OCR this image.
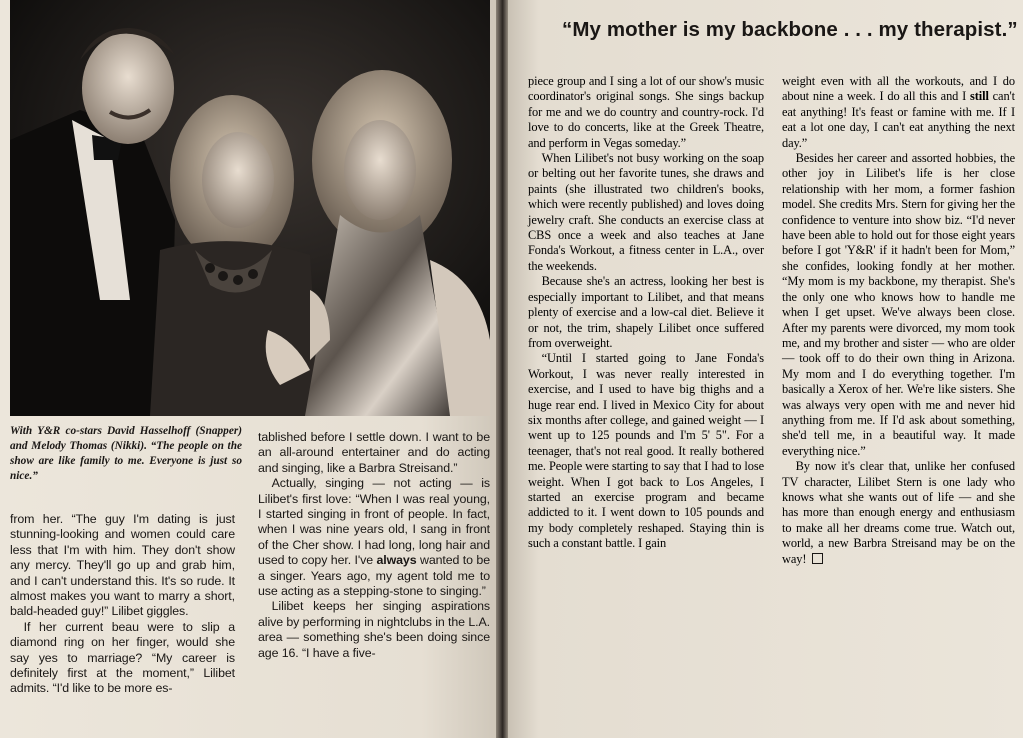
With Y&R co-stars David Hasselhoff (Snapper) and Melody Thomas (Nikki). “The people on the show are like family to me. Everyone is just so nice.”

from her. “The guy I'm dating is just stunning-looking and women could care less that I'm with him. They don't show any mercy. They'll go up and grab him, and I can't understand this. It's so rude. It almost makes you want to marry a short, bald-headed guy!” Lilibet giggles.

If her current beau were to slip a diamond ring on her finger, would she say yes to marriage? “My career is definitely first at the moment,” Lilibet admits. “I'd like to be more es-

tablished before I settle down. I want to be an all-around entertainer and do acting and singing, like a Barbra Streisand.”

Actually, singing — not acting — is Lilibet's first love: “When I was real young, I started singing in front of people. In fact, when I was nine years old, I sang in front of the Cher show. I had long, long hair and used to copy her. I've always wanted to be a singer. Years ago, my agent told me to use acting as a stepping-stone to singing.”

Lilibet keeps her singing aspirations alive by performing in nightclubs in the L.A. area — something she's been doing since age 16. “I have a five-

“My mother is my backbone . . . my therapist.”

piece group and I sing a lot of our show's music coordinator's original songs. She sings backup for me and we do country and country-rock. I'd love to do concerts, like at the Greek Theatre, and perform in Vegas someday.”

When Lilibet's not busy working on the soap or belting out her favorite tunes, she draws and paints (she illustrated two children's books, which were recently published) and loves doing jewelry craft. She conducts an exercise class at CBS once a week and also teaches at Jane Fonda's Workout, a fitness center in L.A., over the weekends.

Because she's an actress, looking her best is especially important to Lilibet, and that means plenty of exercise and a low-cal diet. Believe it or not, the trim, shapely Lilibet once suffered from overweight.

“Until I started going to Jane Fonda's Workout, I was never really interested in exercise, and I used to have big thighs and a huge rear end. I lived in Mexico City for about six months after college, and gained weight — I went up to 125 pounds and I'm 5' 5". For a teenager, that's not real good. It really bothered me. People were starting to say that I had to lose weight. When I got back to Los Angeles, I started an exercise program and became addicted to it. I went down to 105 pounds and my body completely reshaped. Staying thin is such a constant battle. I gain

weight even with all the workouts, and I do about nine a week. I do all this and I still can't eat anything! It's feast or famine with me. If I eat a lot one day, I can't eat anything the next day.”

Besides her career and assorted hobbies, the other joy in Lilibet's life is her close relationship with her mom, a former fashion model. She credits Mrs. Stern for giving her the confidence to venture into show biz. “I'd never have been able to hold out for those eight years before I got 'Y&R' if it hadn't been for Mom,” she confides, looking fondly at her mother. “My mom is my backbone, my therapist. She's the only one who knows how to handle me when I get upset. We've always been close. After my parents were divorced, my mom took me, and my brother and sister — who are older — took off to do their own thing in Arizona. My mom and I do everything together. I'm basically a Xerox of her. We're like sisters. She was always very open with me and never hid anything from me. If I'd ask about something, she'd tell me, in a beautiful way. It made everything nice.”

By now it's clear that, unlike her confused TV character, Lilibet Stern is one lady who knows what she wants out of life — and she has more than enough energy and enthusiasm to make all her dreams come true. Watch out, world, a new Barbra Streisand may be on the way!
